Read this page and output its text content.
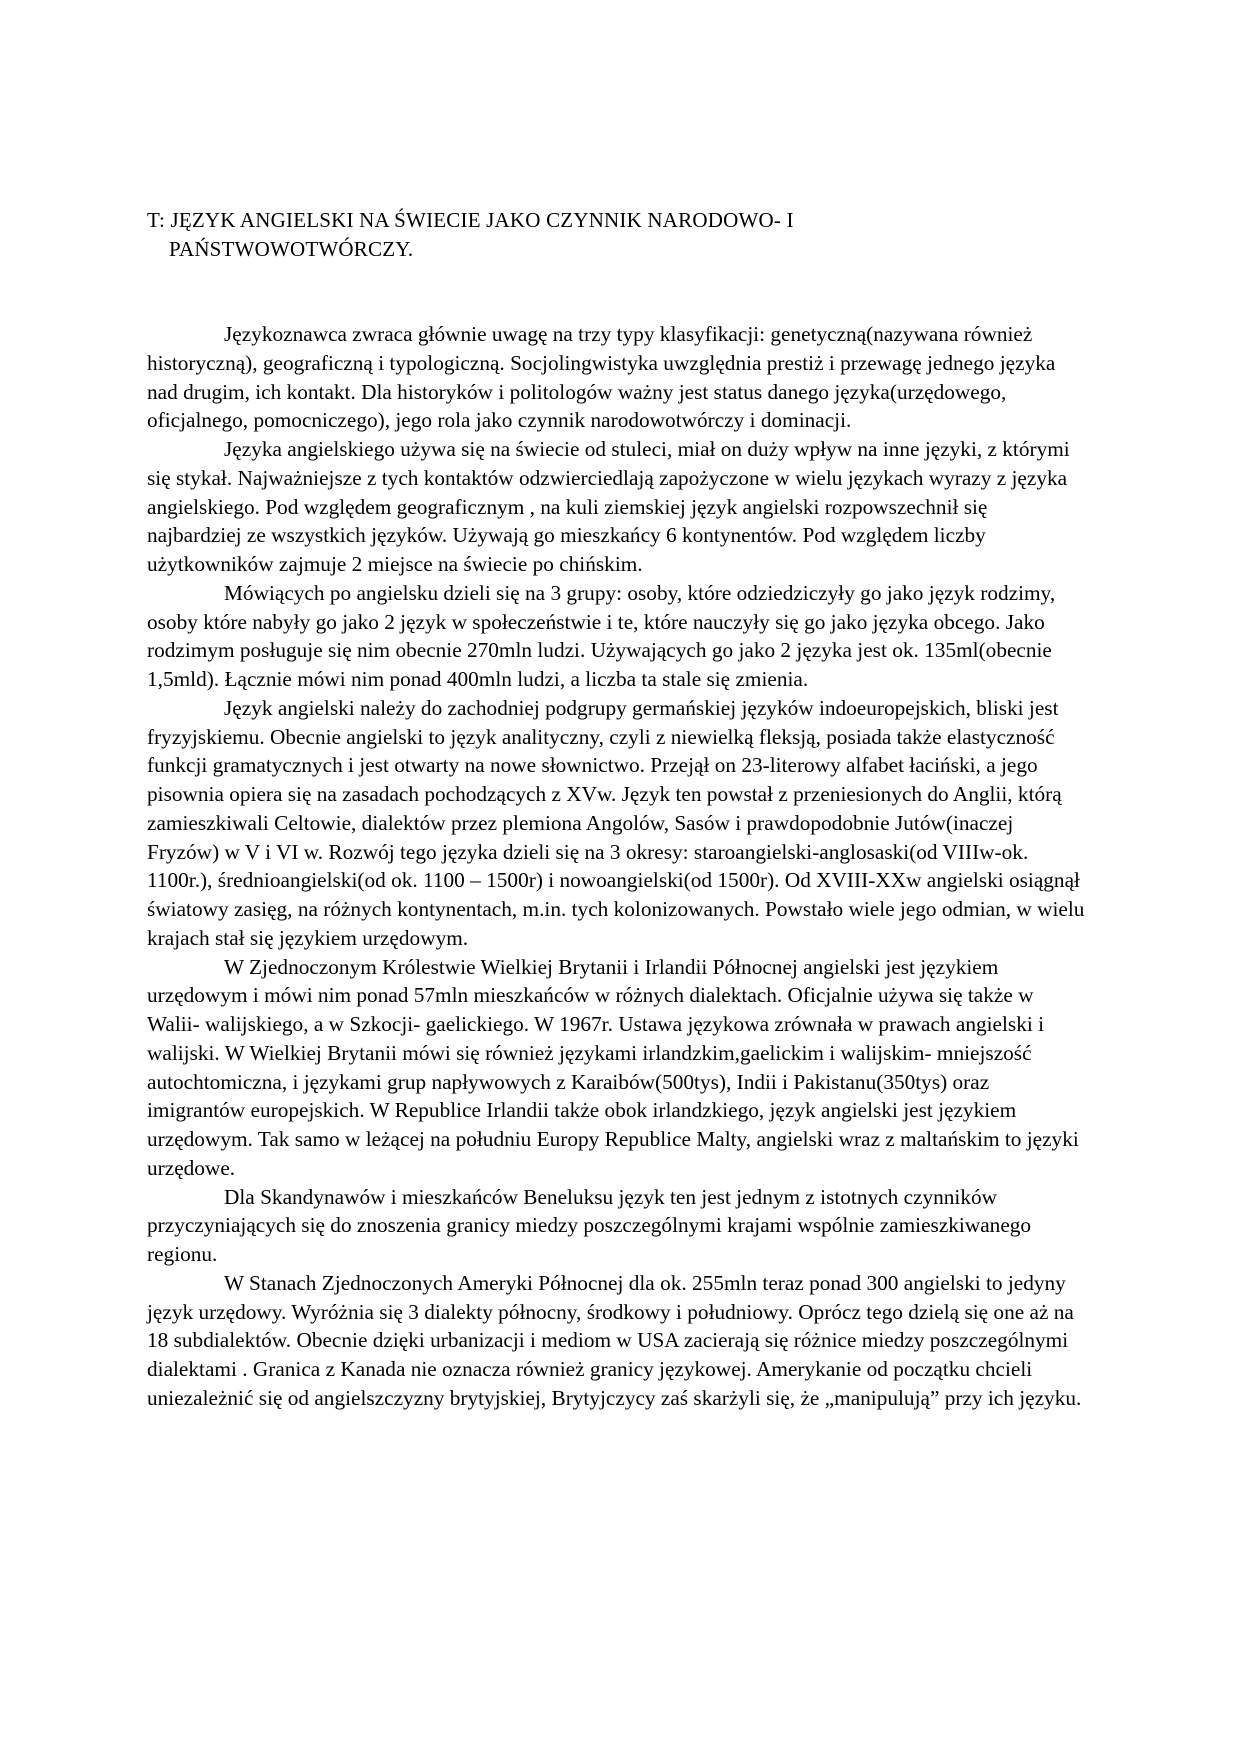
T: JĘZYK ANGIELSKI NA ŚWIECIE JAKO CZYNNIK NARODOWO- I PAŃSTWOWOTWÓRCZY.

Językoznawca zwraca głównie uwagę na trzy typy klasyfikacji: genetyczną(nazywana również historyczną), geograficzną i typologiczną. Socjolingwistyka uwzględnia prestiż i przewagę jednego języka nad drugim, ich kontakt. Dla historyków i politologów ważny jest status danego języka(urzędowego, oficjalnego, pomocniczego), jego rola jako czynnik narodowotwórczy i dominacji.

Języka angielskiego używa się na świecie od stuleci, miał on duży wpływ na inne języki, z którymi się stykał. Najważniejsze z tych kontaktów odzwierciedlają zapożyczone w wielu językach wyrazy z języka angielskiego. Pod względem geograficznym , na kuli ziemskiej język angielski rozpowszechnił się najbardziej ze wszystkich języków. Używają go mieszkańcy 6 kontynentów. Pod względem liczby użytkowników zajmuje 2 miejsce na świecie po chińskim.

Mówiących po angielsku dzieli się na 3 grupy: osoby, które odziedziczyły go jako język rodzimy, osoby które nabyły go jako 2 język w społeczeństwie i te, które nauczyły się go jako języka obcego. Jako rodzimym posługuje się nim obecnie 270mln ludzi. Używających go jako 2 języka jest ok. 135ml(obecnie 1,5mld). Łącznie mówi nim ponad 400mln ludzi, a liczba ta stale się zmienia.

Język angielski należy do zachodniej podgrupy germańskiej języków indoeuropejskich, bliski jest fryzyjskiemu. Obecnie angielski to język analityczny, czyli z niewielką fleksją, posiada także elastyczność funkcji gramatycznych i jest otwarty na nowe słownictwo. Przejął on 23-literowy alfabet łaciński, a jego pisownia opiera się na zasadach pochodzących z XVw. Język ten powstał z przeniesionych do Anglii, którą zamieszkiwali Celtowie, dialektów przez plemiona Angolów, Sasów i prawdopodobnie Jutów(inaczej Fryzów) w V i VI w. Rozwój tego języka dzieli się na 3 okresy: staroangielski-anglosaski(od VIIIw-ok. 1100r.), średnioangielski(od ok. 1100 – 1500r) i nowoangielski(od 1500r). Od XVIII-XXw angielski osiągnął światowy zasięg, na różnych kontynentach, m.in. tych kolonizowanych. Powstało wiele jego odmian, w wielu krajach stał się językiem urzędowym.

W Zjednoczonym Królestwie Wielkiej Brytanii i Irlandii Północnej angielski jest językiem urzędowym i mówi nim ponad 57mln mieszkańców w różnych dialektach. Oficjalnie używa się także w Walii- walijskiego, a w Szkocji- gaelickiego. W 1967r. Ustawa językowa zrównała w prawach angielski i walijski. W Wielkiej Brytanii mówi się również językami irlandzkim,gaelickim i walijskim- mniejszość autochtomiczna, i językami grup napływowych z Karaibów(500tys), Indii i Pakistanu(350tys) oraz imigrantów europejskich. W Republice Irlandii także obok irlandzkiego, język angielski jest językiem urzędowym. Tak samo w leżącej na południu Europy Republice Malty, angielski wraz z maltańskim to języki urzędowe.

Dla Skandynawów i mieszkańców Beneluksu język ten jest jednym z istotnych czynników przyczyniających się do znoszenia granicy miedzy poszczególnymi krajami wspólnie zamieszkiwanego regionu.

W Stanach Zjednoczonych Ameryki Północnej dla ok. 255mln teraz ponad 300 angielski to jedyny język urzędowy. Wyróżnia się 3 dialekty północny, środkowy i południowy. Oprócz tego dzielą się one aż na 18 subdialektów. Obecnie dzięki urbanizacji i mediom w USA zacierają się różnice miedzy poszczególnymi dialektami . Granica z Kanada nie oznacza również granicy językowej. Amerykanie od początku chcieli uniezależnić się od angielszczyzny brytyjskiej, Brytyjczycy zaś skarżyli się, że „manipulują” przy ich języku.
